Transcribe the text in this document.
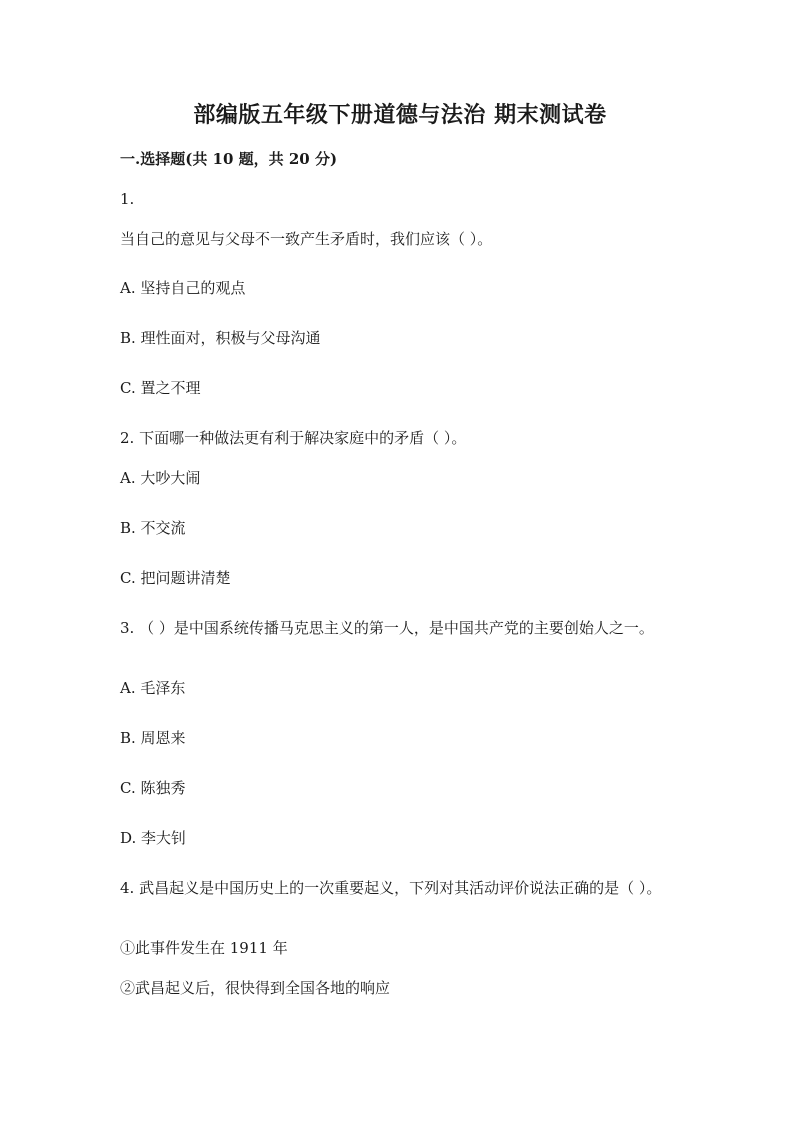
部编版五年级下册道德与法治 期末测试卷
一.选择题(共 10 题，共 20 分)
1.
当自己的意见与父母不一致产生矛盾时，我们应该（ ）。
A. 坚持自己的观点
B. 理性面对，积极与父母沟通
C. 置之不理
2. 下面哪一种做法更有利于解决家庭中的矛盾（ ）。
A. 大吵大闹
B. 不交流
C. 把问题讲清楚
3. （ ）是中国系统传播马克思主义的第一人，是中国共产党的主要创始人之一。
A. 毛泽东
B. 周恩来
C. 陈独秀
D. 李大钊
4. 武昌起义是中国历史上的一次重要起义，下列对其活动评价说法正确的是（ ）。
①此事件发生在 1911 年
②武昌起义后，很快得到全国各地的响应
